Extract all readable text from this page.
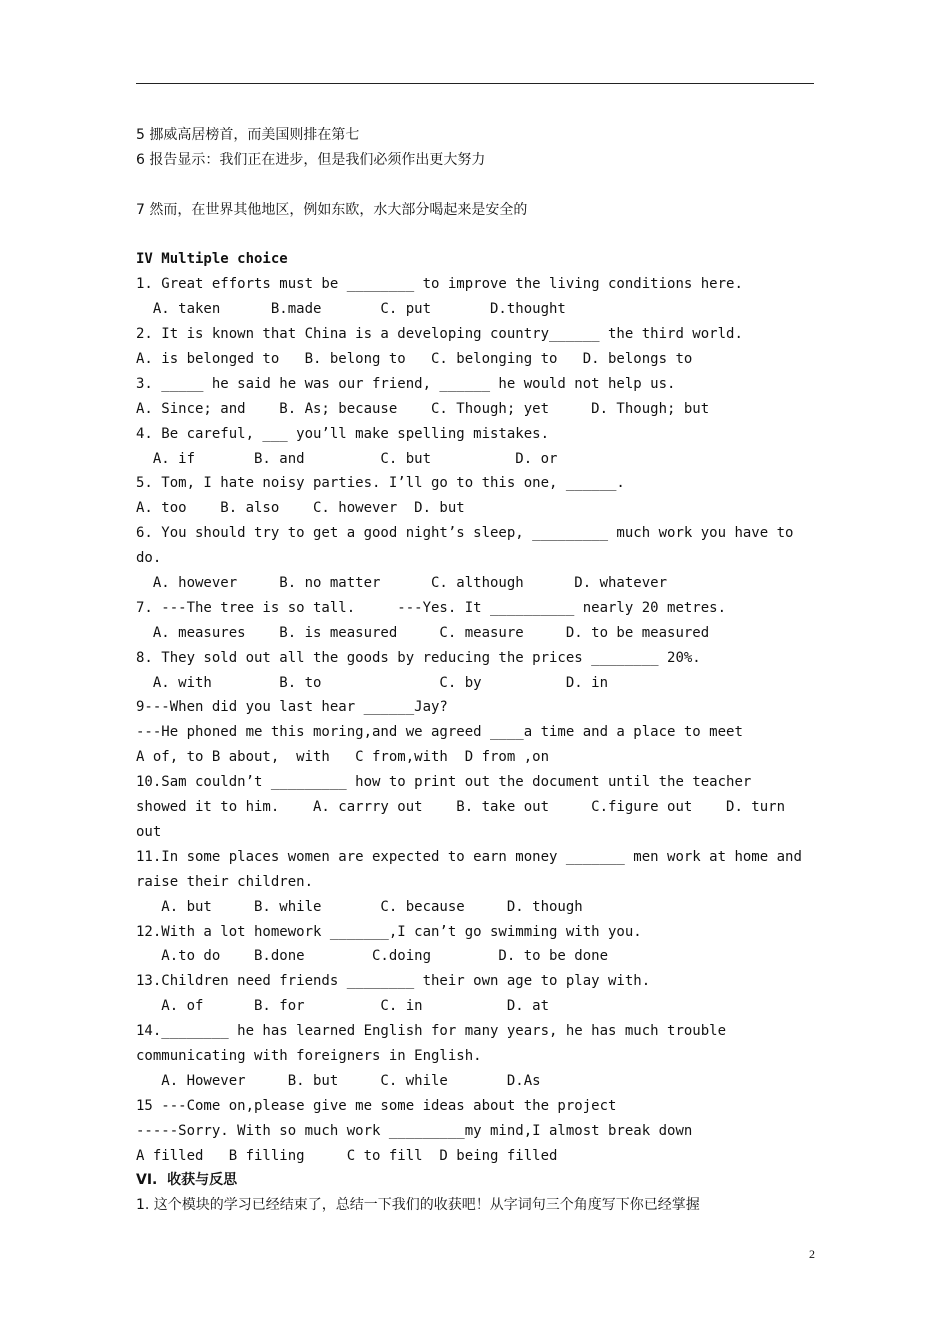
5 挪威高居榜首，而美国则排在第七
6 报告显示：我们正在进步，但是我们必须作出更大努力
7 然而，在世界其他地区，例如东欧，水大部分喝起来是安全的
IV Multiple choice
1. Great efforts must be ________ to improve the living conditions here.
A. taken      B.made       C. put       D.thought
2. It is known that China is a developing country______ the third world.
A. is belonged to   B. belong to   C. belonging to   D. belongs to
3. _____ he said he was our friend, ______ he would not help us.
A. Since; and    B. As; because    C. Though; yet     D. Though; but
4. Be careful, ___ you’ll make spelling mistakes.
A. if       B. and         C. but          D. or
5. Tom, I hate noisy parties. I’ll go to this one, ______.
A. too    B. also    C. however  D. but
6. You should try to get a good night’s sleep, _________ much work you have to
do.
A. however     B. no matter      C. although      D. whatever
7. ---The tree is so tall.     ---Yes. It __________ nearly 20 metres.
A. measures    B. is measured     C. measure     D. to be measured
8. They sold out all the goods by reducing the prices ________ 20%.
A. with        B. to              C. by          D. in
9---When did you last hear ______Jay?
---He phoned me this moring,and we agreed ____a time and a place to meet
A of, to B about,  with   C from,with  D from ,on
10.Sam couldn’t _________ how to print out the document until the teacher
showed it to him.    A. carrry out    B. take out     C.figure out    D. turn
out
11.In some places women are expected to earn money _______ men work at home and
raise their children.
A. but     B. while       C. because     D. though
12.With a lot homework _______,I can’t go swimming with you.
A.to do    B.done        C.doing        D. to be done
13.Children need friends ________ their own age to play with.
A. of      B. for         C. in          D. at
14.________ he has learned English for many years, he has much trouble
communicating with foreigners in English.
A. However     B. but     C. while       D.As
15 ---Come on,please give me some ideas about the project
-----Sorry. With so much work _________my mind,I almost break down
A filled   B filling     C to fill  D being filled
VI.  收获与反思
1. 这个模块的学习已经结束了，总结一下我们的收获吧！从字词句三个角度写下你已经掌握
2
